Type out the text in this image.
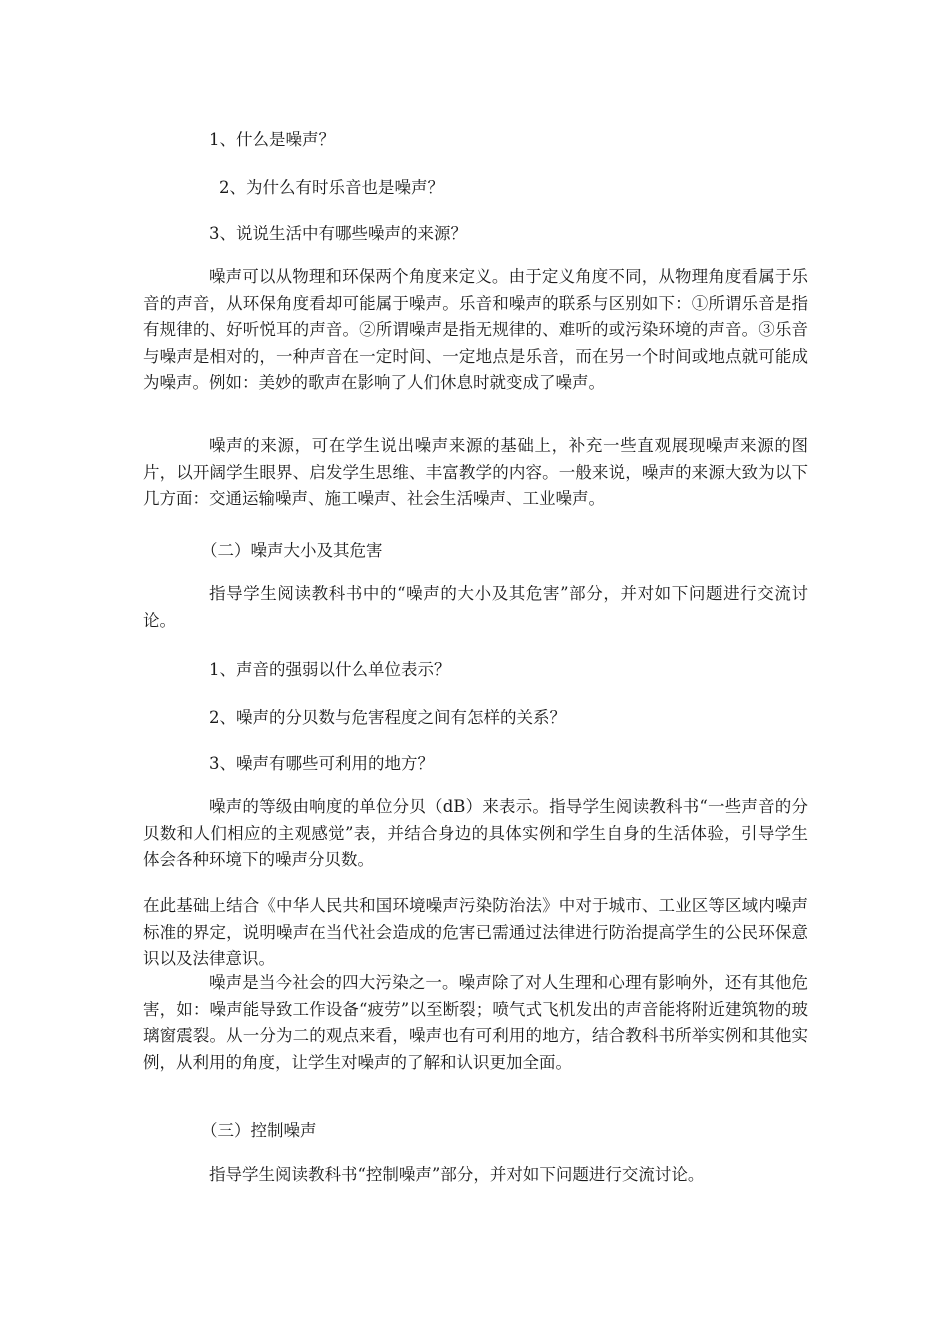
1、什么是噪声？
2、为什么有时乐音也是噪声？
3、说说生活中有哪些噪声的来源？
噪声可以从物理和环保两个角度来定义。由于定义角度不同，从物理角度看属于乐音的声音，从环保角度看却可能属于噪声。乐音和噪声的联系与区别如下：①所谓乐音是指有规律的、好听悦耳的声音。②所谓噪声是指无规律的、难听的或污染环境的声音。③乐音与噪声是相对的，一种声音在一定时间、一定地点是乐音，而在另一个时间或地点就可能成为噪声。例如：美妙的歌声在影响了人们休息时就变成了噪声。
噪声的来源，可在学生说出噪声来源的基础上，补充一些直观展现噪声来源的图片，以开阔学生眼界、启发学生思维、丰富教学的内容。一般来说，噪声的来源大致为以下几方面：交通运输噪声、施工噪声、社会生活噪声、工业噪声。
（二）噪声大小及其危害
指导学生阅读教科书中的“噪声的大小及其危害”部分，并对如下问题进行交流讨论。
1、声音的强弱以什么单位表示？
2、噪声的分贝数与危害程度之间有怎样的关系？
3、噪声有哪些可利用的地方？
噪声的等级由响度的单位分贝（dB）来表示。指导学生阅读教科书“一些声音的分贝数和人们相应的主观感觉”表，并结合身边的具体实例和学生自身的生活体验，引导学生体会各种环境下的噪声分贝数。
在此基础上结合《中华人民共和国环境噪声污染防治法》中对于城市、工业区等区域内噪声标准的界定，说明噪声在当代社会造成的危害已需通过法律进行防治提高学生的公民环保意识以及法律意识。
噪声是当今社会的四大污染之一。噪声除了对人生理和心理有影响外，还有其他危害，如：噪声能导致工作设备“疲劳”以至断裂；喷气式飞机发出的声音能将附近建筑物的玻璃窗震裂。从一分为二的观点来看，噪声也有可利用的地方，结合教科书所举实例和其他实例，从利用的角度，让学生对噪声的了解和认识更加全面。
（三）控制噪声
指导学生阅读教科书“控制噪声”部分，并对如下问题进行交流讨论。
